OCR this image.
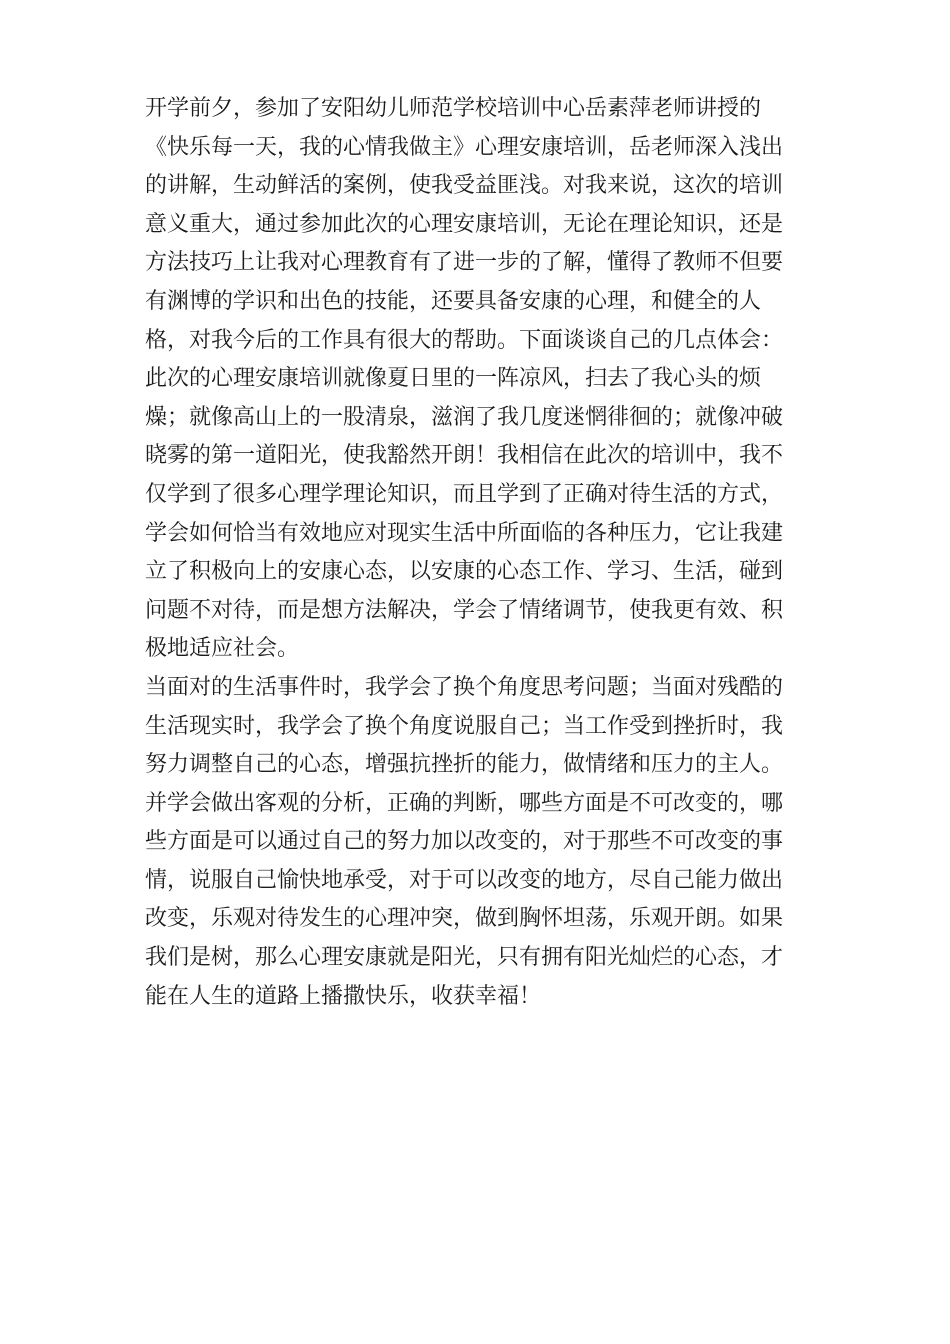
开学前夕，参加了安阳幼儿师范学校培训中心岳素萍老师讲授的
《快乐每一天，我的心情我做主》心理安康培训，岳老师深入浅出
的讲解，生动鲜活的案例，使我受益匪浅。对我来说，这次的培训
意义重大，通过参加此次的心理安康培训，无论在理论知识，还是
方法技巧上让我对心理教育有了进一步的了解，懂得了教师不但要
有渊博的学识和出色的技能，还要具备安康的心理，和健全的人
格，对我今后的工作具有很大的帮助。下面谈谈自己的几点体会：
此次的心理安康培训就像夏日里的一阵凉风，扫去了我心头的烦
燥；就像高山上的一股清泉，滋润了我几度迷惘徘徊的；就像冲破
晓雾的第一道阳光，使我豁然开朗！我相信在此次的培训中，我不
仅学到了很多心理学理论知识，而且学到了正确对待生活的方式，
学会如何恰当有效地应对现实生活中所面临的各种压力，它让我建
立了积极向上的安康心态，以安康的心态工作、学习、生活，碰到
问题不对待，而是想方法解决，学会了情绪调节，使我更有效、积
极地适应社会。
当面对的生活事件时，我学会了换个角度思考问题；当面对残酷的
生活现实时，我学会了换个角度说服自己；当工作受到挫折时，我
努力调整自己的心态，增强抗挫折的能力，做情绪和压力的主人。
并学会做出客观的分析，正确的判断，哪些方面是不可改变的，哪
些方面是可以通过自己的努力加以改变的，对于那些不可改变的事
情，说服自己愉快地承受，对于可以改变的地方，尽自己能力做出
改变，乐观对待发生的心理冲突，做到胸怀坦荡，乐观开朗。如果
我们是树，那么心理安康就是阳光，只有拥有阳光灿烂的心态，才
能在人生的道路上播撒快乐，收获幸福！
